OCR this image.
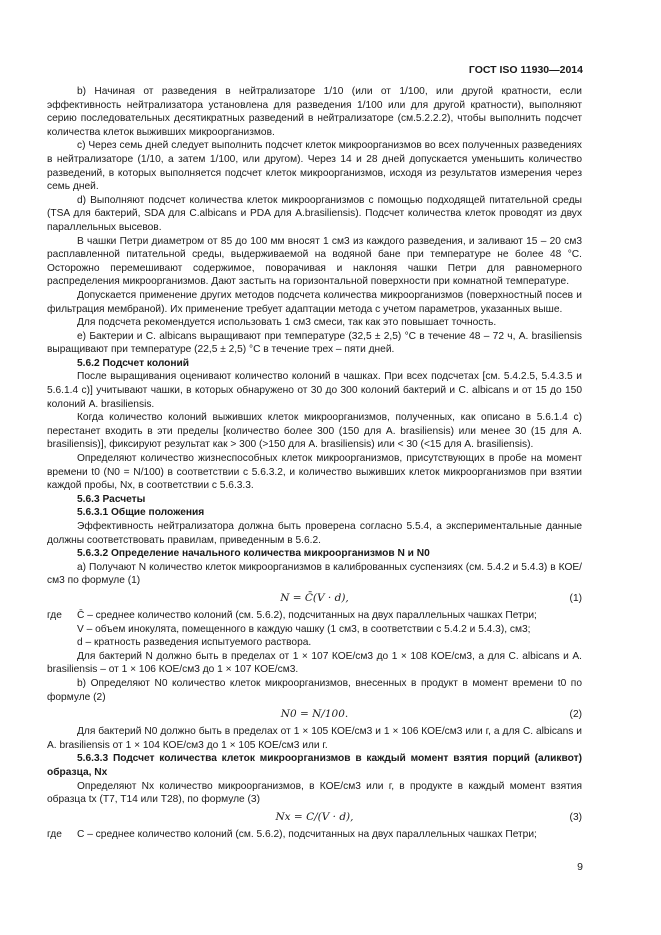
ГОСТ ISO 11930—2014

b) Начиная от разведения в нейтрализаторе 1/10 (или от 1/100, или другой кратности, если эффективность нейтрализатора установлена для разведения 1/100 или для другой кратности), выполняют серию последовательных десятикратных разведений в нейтрализаторе (см.5.2.2.2), чтобы выполнить подсчет количества клеток выживших микроорганизмов.

c) Через семь дней следует выполнить подсчет клеток микроорганизмов во всех полученных разведениях в нейтрализаторе (1/10, а затем 1/100, или другом). Через 14 и 28 дней допускается уменьшить количество разведений, в которых выполняется подсчет клеток микроорганизмов, исходя из результатов измерения через семь дней.

d) Выполняют подсчет количества клеток микроорганизмов с помощью подходящей питательной среды (TSA для бактерий, SDA для C.albicans и PDA для A.brasiliensis). Подсчет количества клеток проводят из двух параллельных высевов.

В чашки Петри диаметром от 85 до 100 мм вносят 1 см3 из каждого разведения, и заливают 15 – 20 см3 расплавленной питательной среды, выдерживаемой на водяной бане при температуре не более 48 °С. Осторожно перемешивают содержимое, поворачивая и наклоняя чашки Петри для равномерного распределения микроорганизмов. Дают застыть на горизонтальной поверхности при комнатной температуре.

Допускается применение других методов подсчета количества микроорганизмов (поверхностный посев и фильтрация мембраной). Их применение требует адаптации метода с учетом параметров, указанных выше.

Для подсчета рекомендуется использовать 1 см3 смеси, так как это повышает точность.

e) Бактерии и C. albicans выращивают при температуре (32,5 ± 2,5) °С в течение 48 – 72 ч, A. brasiliensis выращивают при температуре (22,5 ± 2,5) °С в течение трех – пяти дней.

5.6.2 Подсчет колоний

После выращивания оценивают количество колоний в чашках. При всех подсчетах [см. 5.4.2.5, 5.4.3.5 и 5.6.1.4 c)] учитывают чашки, в которых обнаружено от 30 до 300 колоний бактерий и C. albicans и от 15 до 150 колоний A. brasiliensis.

Когда количество колоний выживших клеток микроорганизмов, полученных, как описано в 5.6.1.4 c) перестанет входить в эти пределы [количество более 300 (150 для A. brasiliensis) или менее 30 (15 для A. brasiliensis)], фиксируют результат как > 300 (>150 для A. brasiliensis) или < 30 (<15 для A. brasiliensis).

Определяют количество жизнеспособных клеток микроорганизмов, присутствующих в пробе на момент времени t0 (N0 = N/100) в соответствии с 5.6.3.2, и количество выживших клеток микроорганизмов при взятии каждой пробы, Nx, в соответствии с 5.6.3.3.

5.6.3 Расчеты

5.6.3.1 Общие положения

Эффективность нейтрализатора должна быть проверена согласно 5.5.4, а экспериментальные данные должны соответствовать правилам, приведенным в 5.6.2.

5.6.3.2 Определение начального количества микроорганизмов N и N0

a) Получают N количество клеток микроорганизмов в калиброванных суспензиях (см. 5.4.2 и 5.4.3) в КОЕ/см3 по формуле (1)

N = C̄(V · d),	(1)

где C̄ – среднее количество колоний (см. 5.6.2), подсчитанных на двух параллельных чашках Петри;

V – объем инокулята, помещенного в каждую чашку (1 см3, в соответствии с 5.4.2 и 5.4.3), см3;

d – кратность разведения испытуемого раствора.

Для бактерий N должно быть в пределах от 1 × 107 КОЕ/см3 до 1 × 108 КОЕ/см3, а для C. albicans и A. brasiliensis – от 1 × 106 КОЕ/см3 до 1 × 107 КОЕ/см3.

b) Определяют N0 количество клеток микроорганизмов, внесенных в продукт в момент времени t0 по формуле (2)

N0 = N/100.	(2)

Для бактерий N0 должно быть в пределах от 1 × 105 КОЕ/см3 и 1 × 106 КОЕ/см3 или г, а для C. albicans и A. brasiliensis от 1 × 104 КОЕ/см3 до 1 × 105 КОЕ/см3 или г.

5.6.3.3 Подсчет количества клеток микроорганизмов в каждый момент взятия порций (аликвот) образца, Nx

Определяют Nx количество микроорганизмов, в КОЕ/см3 или г, в продукте в каждый момент взятия образца tx (T7, T14 или T28), по формуле (3)

Nx = C/(V · d),	(3)

где C – среднее количество колоний (см. 5.6.2), подсчитанных на двух параллельных чашках Петри;

9
